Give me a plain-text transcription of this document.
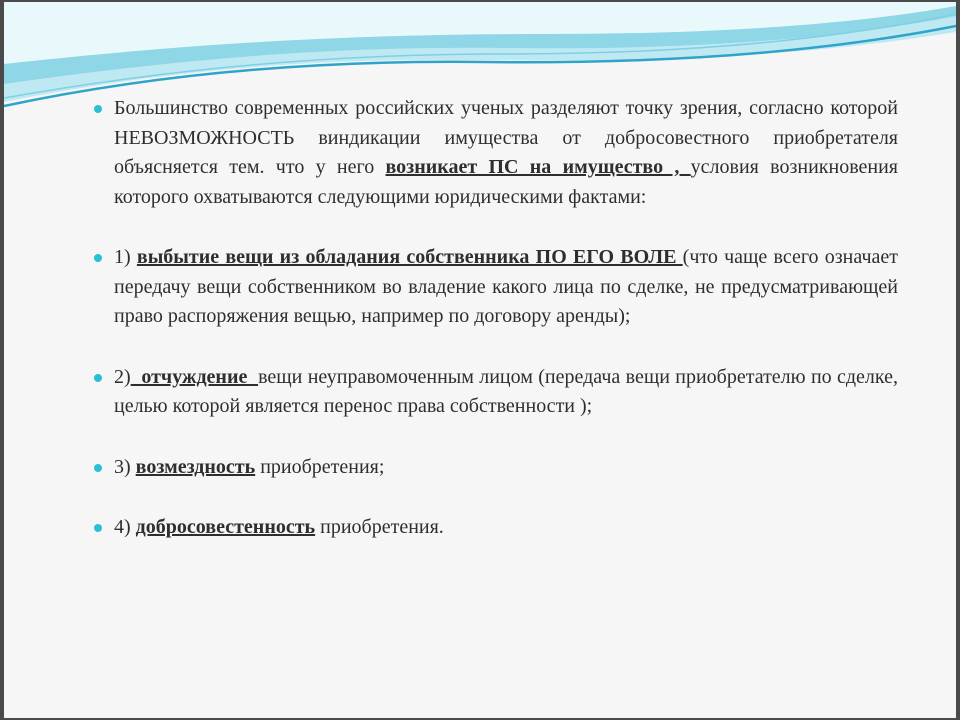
Большинство современных российских ученых разделяют точку зрения, согласно которой НЕВОЗМОЖНОСТЬ виндикации имущества от добросовестного приобретателя объясняется тем. что у него возникает ПС на имущество , условия возникновения которого охватываются следующими юридическими фактами:
1) выбытие вещи из обладания собственника ПО ЕГО ВОЛЕ (что чаще всего означает передачу вещи собственником во владение какого лица по сделке, не предусматривающей право распоряжения вещью, например по договору аренды);
2)  отчуждение  вещи неуправомоченным лицом (передача вещи приобретателю по сделке, целью которой является перенос права собственности );
3) возмездность приобретения;
4) добросовестенность приобретения.
